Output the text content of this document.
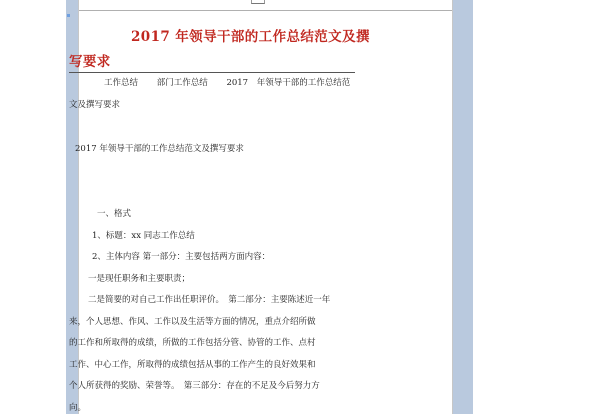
2017 年领导干部的工作总结范文及撰写要求
工作总结 部门工作总结 2017 年领导干部的工作总结范
文及撰写要求
2017 年领导干部的工作总结范文及撰写要求
一、格式
1、标题：xx 同志工作总结
2、主体内容 第一部分：主要包括两方面内容：
一是现任职务和主要职责；
二是简要的对自己工作出任职评价。　第二部分：主要陈述近一年
来，个人思想、作风、工作以及生活等方面的情况，重点介绍所做
的工作和所取得的成绩，所做的工作包括分管、协管的工作、点村
工作、中心工作，所取得的成绩包括从事的工作产生的良好效果和
个人所获得的奖励、荣誉等。　第三部分：存在的不足及今后努力方
向。
